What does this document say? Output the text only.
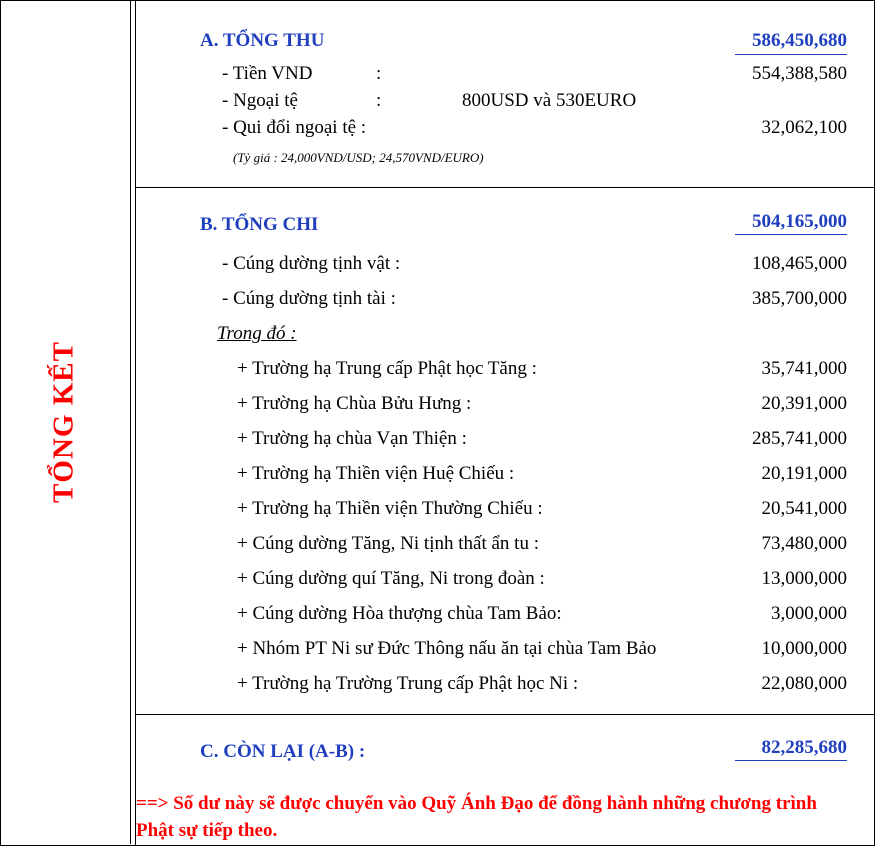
TỔNG KẾT
A. TỔNG THU	586,450,680
- Tiền VND	:	554,388,580
- Ngoại tệ	:	800USD và 530EURO
- Qui đổi ngoại tệ :	32,062,100
(Tỷ giá : 24,000VND/USD; 24,570VND/EURO)
B. TỔNG CHI	504,165,000
- Cúng dường tịnh vật :	108,465,000
- Cúng dường tịnh tài :	385,700,000
Trong đó :
+ Trường hạ Trung cấp Phật học Tăng :	35,741,000
+ Trường hạ Chùa Bửu Hưng :	20,391,000
+ Trường hạ chùa Vạn Thiện :	285,741,000
+ Trường hạ Thiền viện Huệ Chiếu :	20,191,000
+ Trường hạ Thiền viện Thường Chiếu :	20,541,000
+ Cúng dường Tăng, Ni tịnh thất ẩn tu :	73,480,000
+ Cúng dường quí Tăng, Ni trong đoàn :	13,000,000
+ Cúng dường Hòa thượng chùa Tam Bảo:	3,000,000
+ Nhóm PT Ni sư Đức Thông nấu ăn tại chùa Tam Bảo	10,000,000
+ Trường hạ Trường Trung cấp Phật học Ni :	22,080,000
C. CÒN LẠI (A-B) :	82,285,680
==> Số dư này sẽ được chuyển vào Quỹ Ánh Đạo để đồng hành những chương trình Phật sự tiếp theo.
